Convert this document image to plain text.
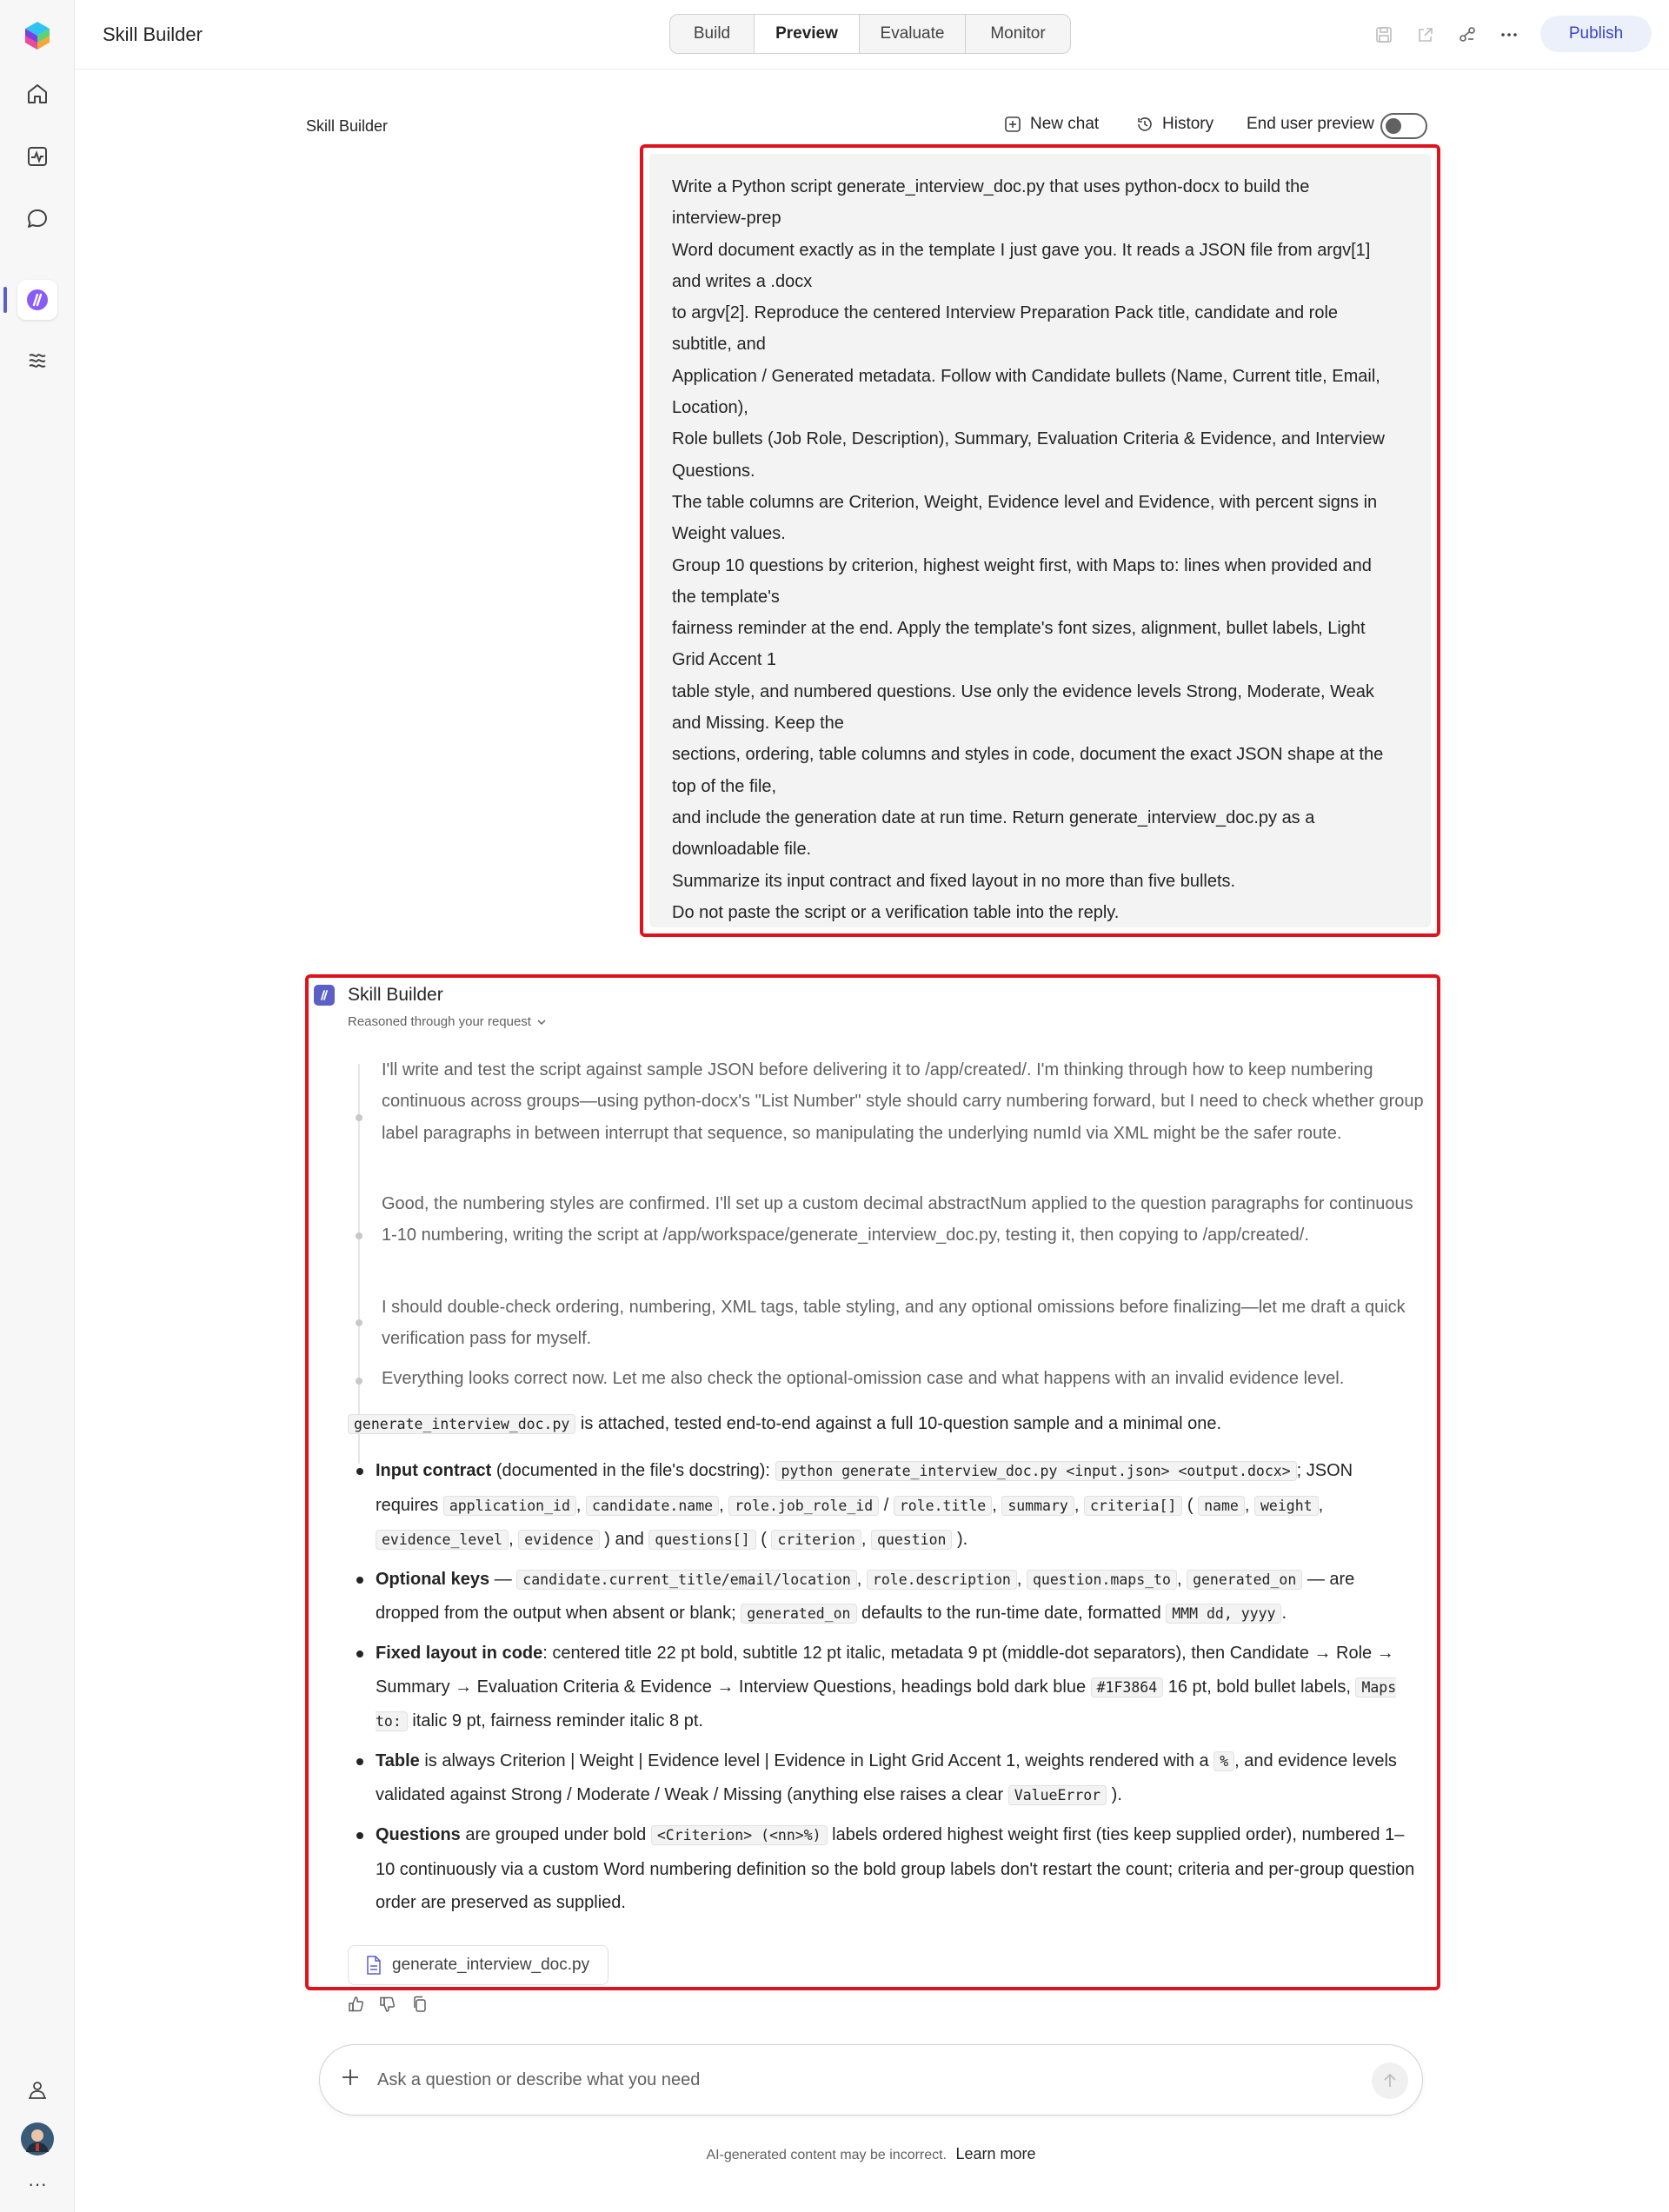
···
Skill Builder	Build	Preview	Evaluate	Monitor	Publish
Skill Builder	New chat	History End user preview
Write a Python script generate_interview_doc.py that uses python-docx to build the
interview-prep
Word document exactly as in the template I just gave you. It reads a JSON file from argv[1]
and writes a .docx
to argv[2]. Reproduce the centered Interview Preparation Pack title, candidate and role
subtitle, and
Application / Generated metadata. Follow with Candidate bullets (Name, Current title, Email,
Location),
Role bullets (Job Role, Description), Summary, Evaluation Criteria & Evidence, and Interview
Questions.
The table columns are Criterion, Weight, Evidence level and Evidence, with percent signs in
Weight values.
Group 10 questions by criterion, highest weight first, with Maps to: lines when provided and
the template's
fairness reminder at the end. Apply the template's font sizes, alignment, bullet labels, Light
Grid Accent 1
table style, and numbered questions. Use only the evidence levels Strong, Moderate, Weak
and Missing. Keep the
sections, ordering, table columns and styles in code, document the exact JSON shape at the
top of the file,
and include the generation date at run time. Return generate_interview_doc.py as a
downloadable file.
Summarize its input contract and fixed layout in no more than five bullets.
Do not paste the script or a verification table into the reply.
Skill Builder
Reasoned through your request
I'll write and test the script against sample JSON before delivering it to /app/created/. I'm thinking through how to keep numbering continuous across groups—using python-docx's "List Number" style should carry numbering forward, but I need to check whether group label paragraphs in between interrupt that sequence, so manipulating the underlying numId via XML might be the safer route.
Good, the numbering styles are confirmed. I'll set up a custom decimal abstractNum applied to the question paragraphs for continuous 1-10 numbering, writing the script at /app/workspace/generate_interview_doc.py, testing it, then copying to /app/created/.
I should double-check ordering, numbering, XML tags, table styling, and any optional omissions before finalizing—let me draft a quick verification pass for myself.
Everything looks correct now. Let me also check the optional-omission case and what happens with an invalid evidence level.
generate_interview_doc.py is attached, tested end-to-end against a full 10-question sample and a minimal one.
Input contract (documented in the file's docstring): python generate_interview_doc.py <input.json> <output.docx> ; JSON requires application_id , candidate.name , role.job_role_id / role.title , summary , criteria[] ( name , weight , evidence_level , evidence ) and questions[] ( criterion , question ).
Optional keys — candidate.current_title/email/location , role.description , question.maps_to , generated_on — are dropped from the output when absent or blank; generated_on defaults to the run-time date, formatted MMM dd, yyyy .
Fixed layout in code: centered title 22 pt bold, subtitle 12 pt italic, metadata 9 pt (middle-dot separators), then Candidate → Role → Summary → Evaluation Criteria & Evidence → Interview Questions, headings bold dark blue #1F3864 16 pt, bold bullet labels, Maps to: italic 9 pt, fairness reminder italic 8 pt.
Table is always Criterion | Weight | Evidence level | Evidence in Light Grid Accent 1, weights rendered with a % , and evidence levels validated against Strong / Moderate / Weak / Missing (anything else raises a clear ValueError ).
Questions are grouped under bold <Criterion> (<nn>%) labels ordered highest weight first (ties keep supplied order), numbered 1–10 continuously via a custom Word numbering definition so the bold group labels don't restart the count; criteria and per-group question order are preserved as supplied.
generate_interview_doc.py
Ask a question or describe what you need
AI-generated content may be incorrect. Learn more
